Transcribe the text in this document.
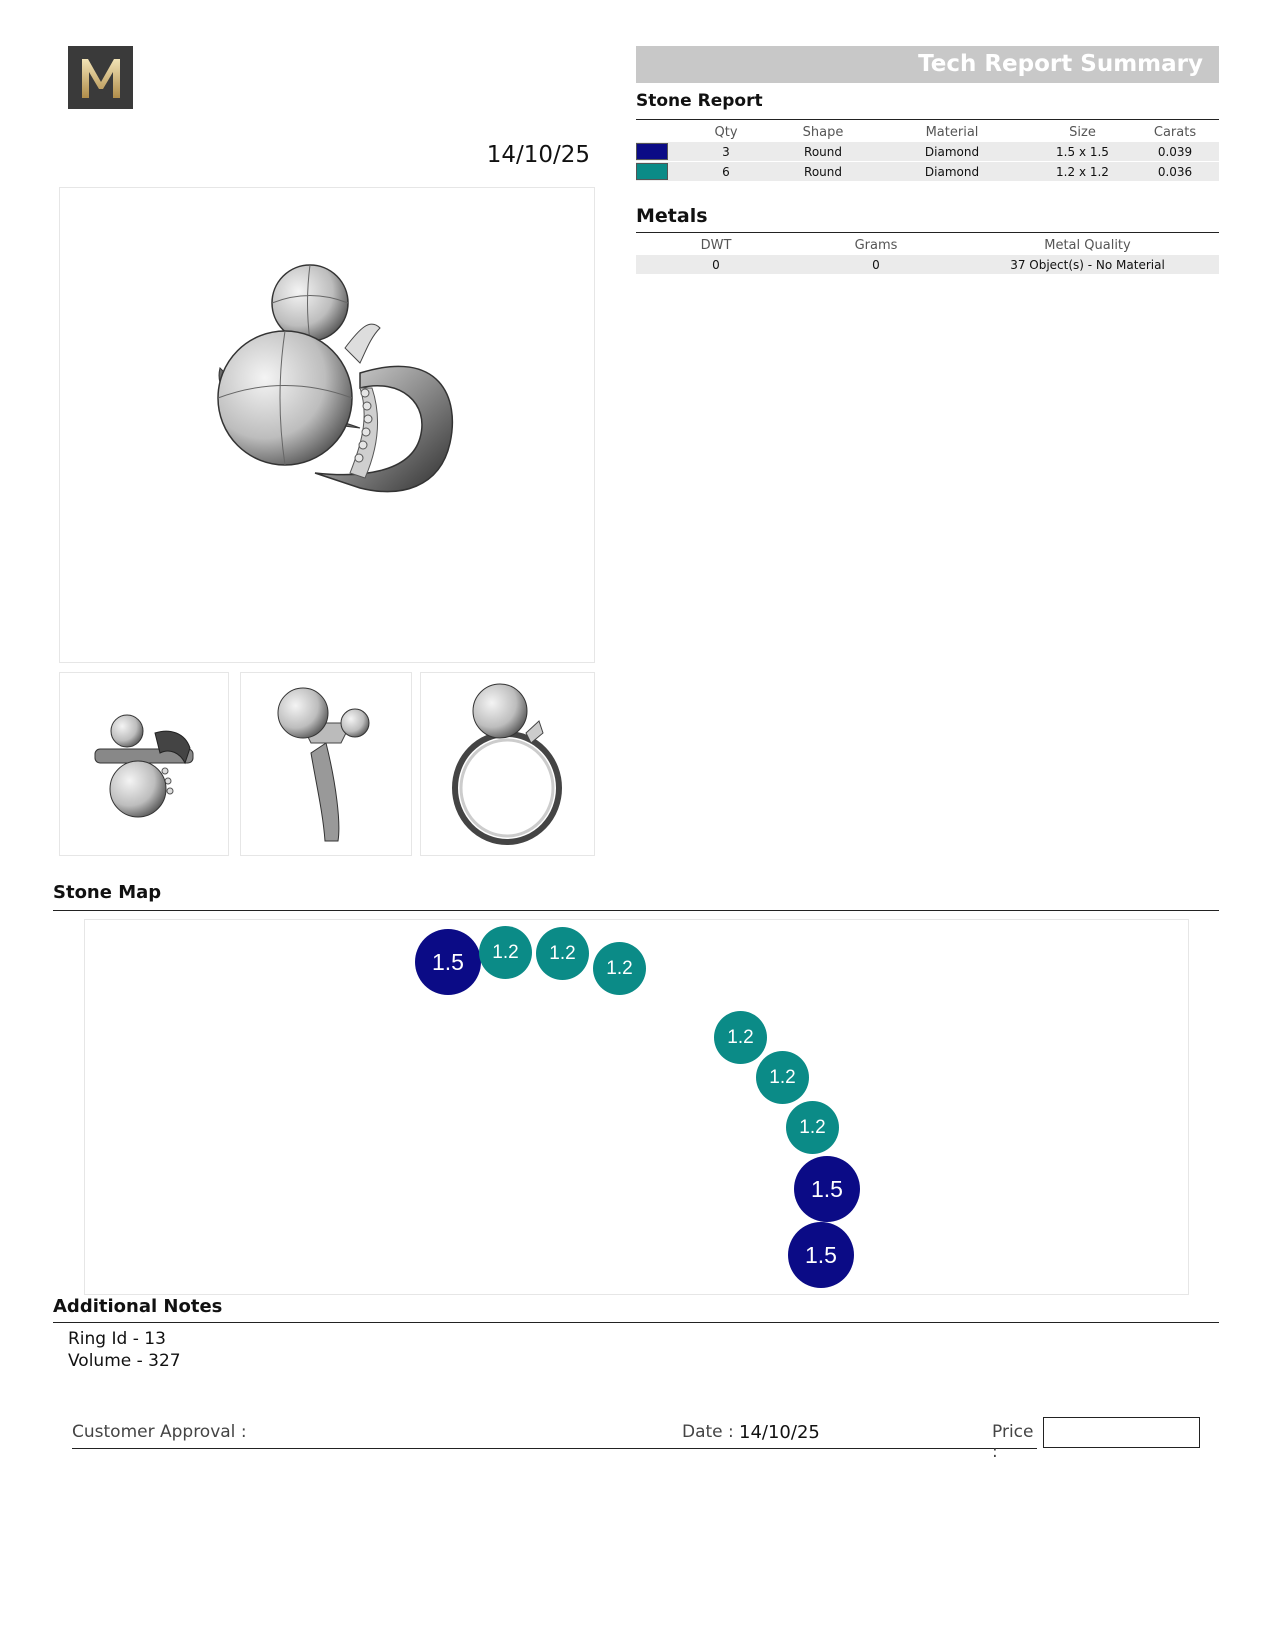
14/10/25
Tech Report Summary
Stone Report
	Qty	Shape	Material	Size	Carats

	3	Round	Diamond	1.5 x 1.5	0.039

	6	Round	Diamond	1.2 x 1.2	0.036
Metals
DWT	Grams	Metal Quality
0	0	37 Object(s) - No Material
Stone Map
1.5	1.2	1.2
1.2
1.2
1.2
1.2
1.5
1.5
Additional Notes
Ring Id - 13
Volume - 327
Customer Approval :	Date : 14/10/25	Price :
